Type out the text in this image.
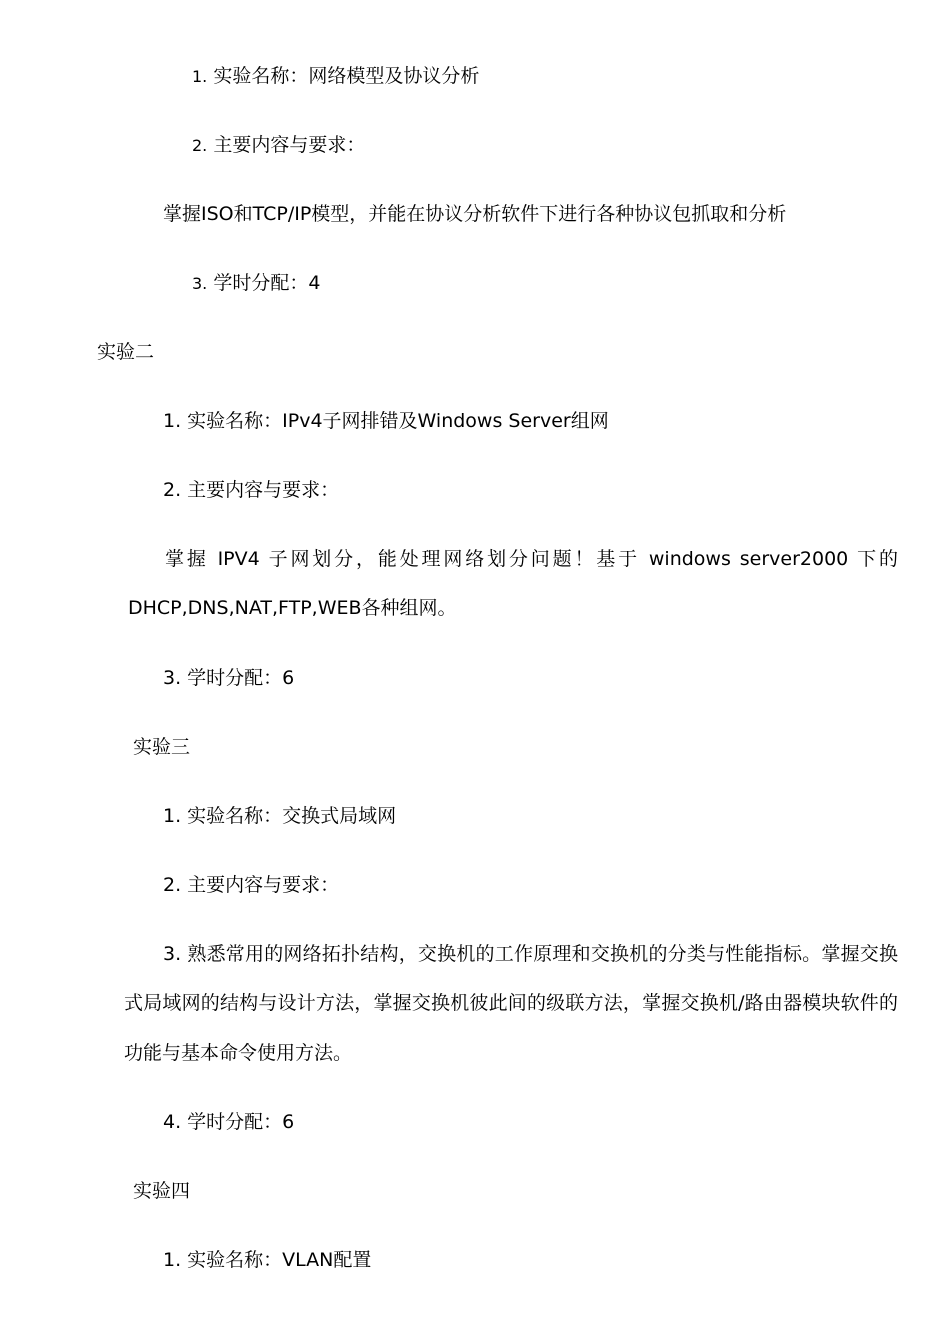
1. 实验名称：网络模型及协议分析
2. 主要内容与要求：
掌握ISO和TCP/IP模型，并能在协议分析软件下进行各种协议包抓取和分析
3. 学时分配：4
实验二
1. 实验名称：IPv4子网排错及Windows Server组网
2. 主要内容与要求：
掌握 IPV4 子网划分，能处理网络划分问题！基于 windows server2000 下的
DHCP,DNS,NAT,FTP,WEB各种组网。
3. 学时分配：6
实验三
1. 实验名称：交换式局域网
2. 主要内容与要求：
3. 熟悉常用的网络拓扑结构，交换机的工作原理和交换机的分类与性能指标。掌握交换
式局域网的结构与设计方法，掌握交换机彼此间的级联方法，掌握交换机/路由器模块软件的
功能与基本命令使用方法。
4. 学时分配：6
实验四
1. 实验名称：VLAN配置
